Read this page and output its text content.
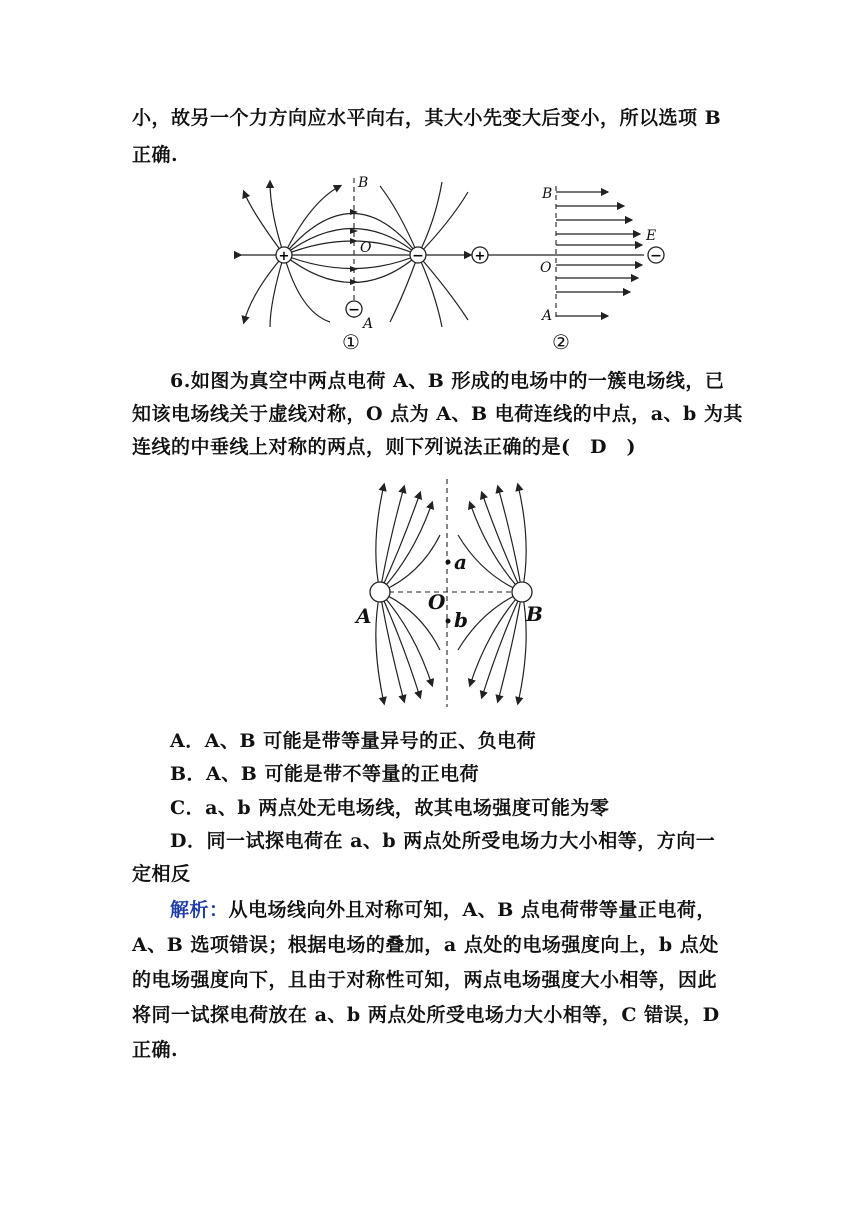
小，故另一个力方向应水平向右，其大小先变大后变小，所以选项 B
正确.
+	−
−
B
O
A
①
+	−
B
O
A
E
②
6.如图为真空中两点电荷 A、B 形成的电场中的一簇电场线，已
知该电场线关于虚线对称，O 点为 A、B 电荷连线的中点，a、b 为其
连线的中垂线上对称的两点，则下列说法正确的是(　D　)
a
b
O
A	B
A．A、B 可能是带等量异号的正、负电荷
B．A、B 可能是带不等量的正电荷
C．a、b 两点处无电场线，故其电场强度可能为零
D．同一试探电荷在 a、b 两点处所受电场力大小相等，方向一
定相反
解析：从电场线向外且对称可知，A、B 点电荷带等量正电荷，
A、B 选项错误；根据电场的叠加，a 点处的电场强度向上，b 点处
的电场强度向下，且由于对称性可知，两点电场强度大小相等，因此
将同一试探电荷放在 a、b 两点处所受电场力大小相等，C 错误，D
正确.
